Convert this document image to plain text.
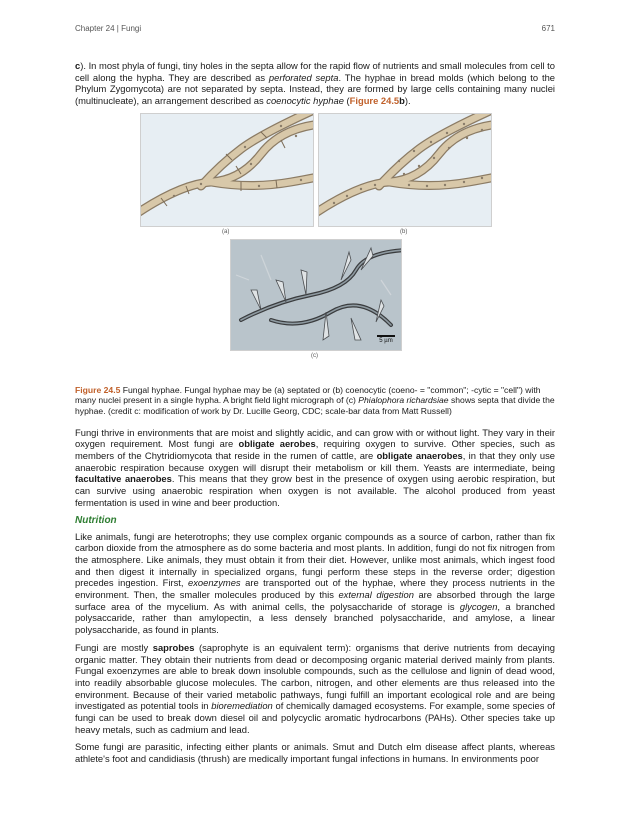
Chapter 24 | Fungi	671

c). In most phyla of fungi, tiny holes in the septa allow for the rapid flow of nutrients and small molecules from cell to cell along the hypha. They are described as perforated septa. The hyphae in bread molds (which belong to the Phylum Zygomycota) are not separated by septa. Instead, they are formed by large cells containing many nuclei (multinucleate), an arrangement described as coenocytic hyphae (Figure 24.5b).

(a)	(b)
5 µm
(c)

Figure 24.5 Fungal hyphae. Fungal hyphae may be (a) septated or (b) coenocytic (coeno- = "common"; -cytic = "cell") with many nuclei present in a single hypha. A bright field light micrograph of (c) Phialophora richardsiae shows septa that divide the hyphae. (credit c: modification of work by Dr. Lucille Georg, CDC; scale-bar data from Matt Russell)

Fungi thrive in environments that are moist and slightly acidic, and can grow with or without light. They vary in their oxygen requirement. Most fungi are obligate aerobes, requiring oxygen to survive. Other species, such as members of the Chytridiomycota that reside in the rumen of cattle, are obligate anaerobes, in that they only use anaerobic respiration because oxygen will disrupt their metabolism or kill them. Yeasts are intermediate, being facultative anaerobes. This means that they grow best in the presence of oxygen using aerobic respiration, but can survive using anaerobic respiration when oxygen is not available. The alcohol produced from yeast fermentation is used in wine and beer production.

Nutrition

Like animals, fungi are heterotrophs; they use complex organic compounds as a source of carbon, rather than fix carbon dioxide from the atmosphere as do some bacteria and most plants. In addition, fungi do not fix nitrogen from the atmosphere. Like animals, they must obtain it from their diet. However, unlike most animals, which ingest food and then digest it internally in specialized organs, fungi perform these steps in the reverse order; digestion precedes ingestion. First, exoenzymes are transported out of the hyphae, where they process nutrients in the environment. Then, the smaller molecules produced by this external digestion are absorbed through the large surface area of the mycelium. As with animal cells, the polysaccharide of storage is glycogen, a branched polysaccaride, rather than amylopectin, a less densely branched polysaccharide, and amylose, a linear polysaccharide, as found in plants.

Fungi are mostly saprobes (saprophyte is an equivalent term): organisms that derive nutrients from decaying organic matter. They obtain their nutrients from dead or decomposing organic material derived mainly from plants. Fungal exoenzymes are able to break down insoluble compounds, such as the cellulose and lignin of dead wood, into readily absorbable glucose molecules. The carbon, nitrogen, and other elements are thus released into the environment. Because of their varied metabolic pathways, fungi fulfill an important ecological role and are being investigated as potential tools in bioremediation of chemically damaged ecosystems. For example, some species of fungi can be used to break down diesel oil and polycyclic aromatic hydrocarbons (PAHs). Other species take up heavy metals, such as cadmium and lead.

Some fungi are parasitic, infecting either plants or animals. Smut and Dutch elm disease affect plants, whereas athlete's foot and candidiasis (thrush) are medically important fungal infections in humans. In environments poor
